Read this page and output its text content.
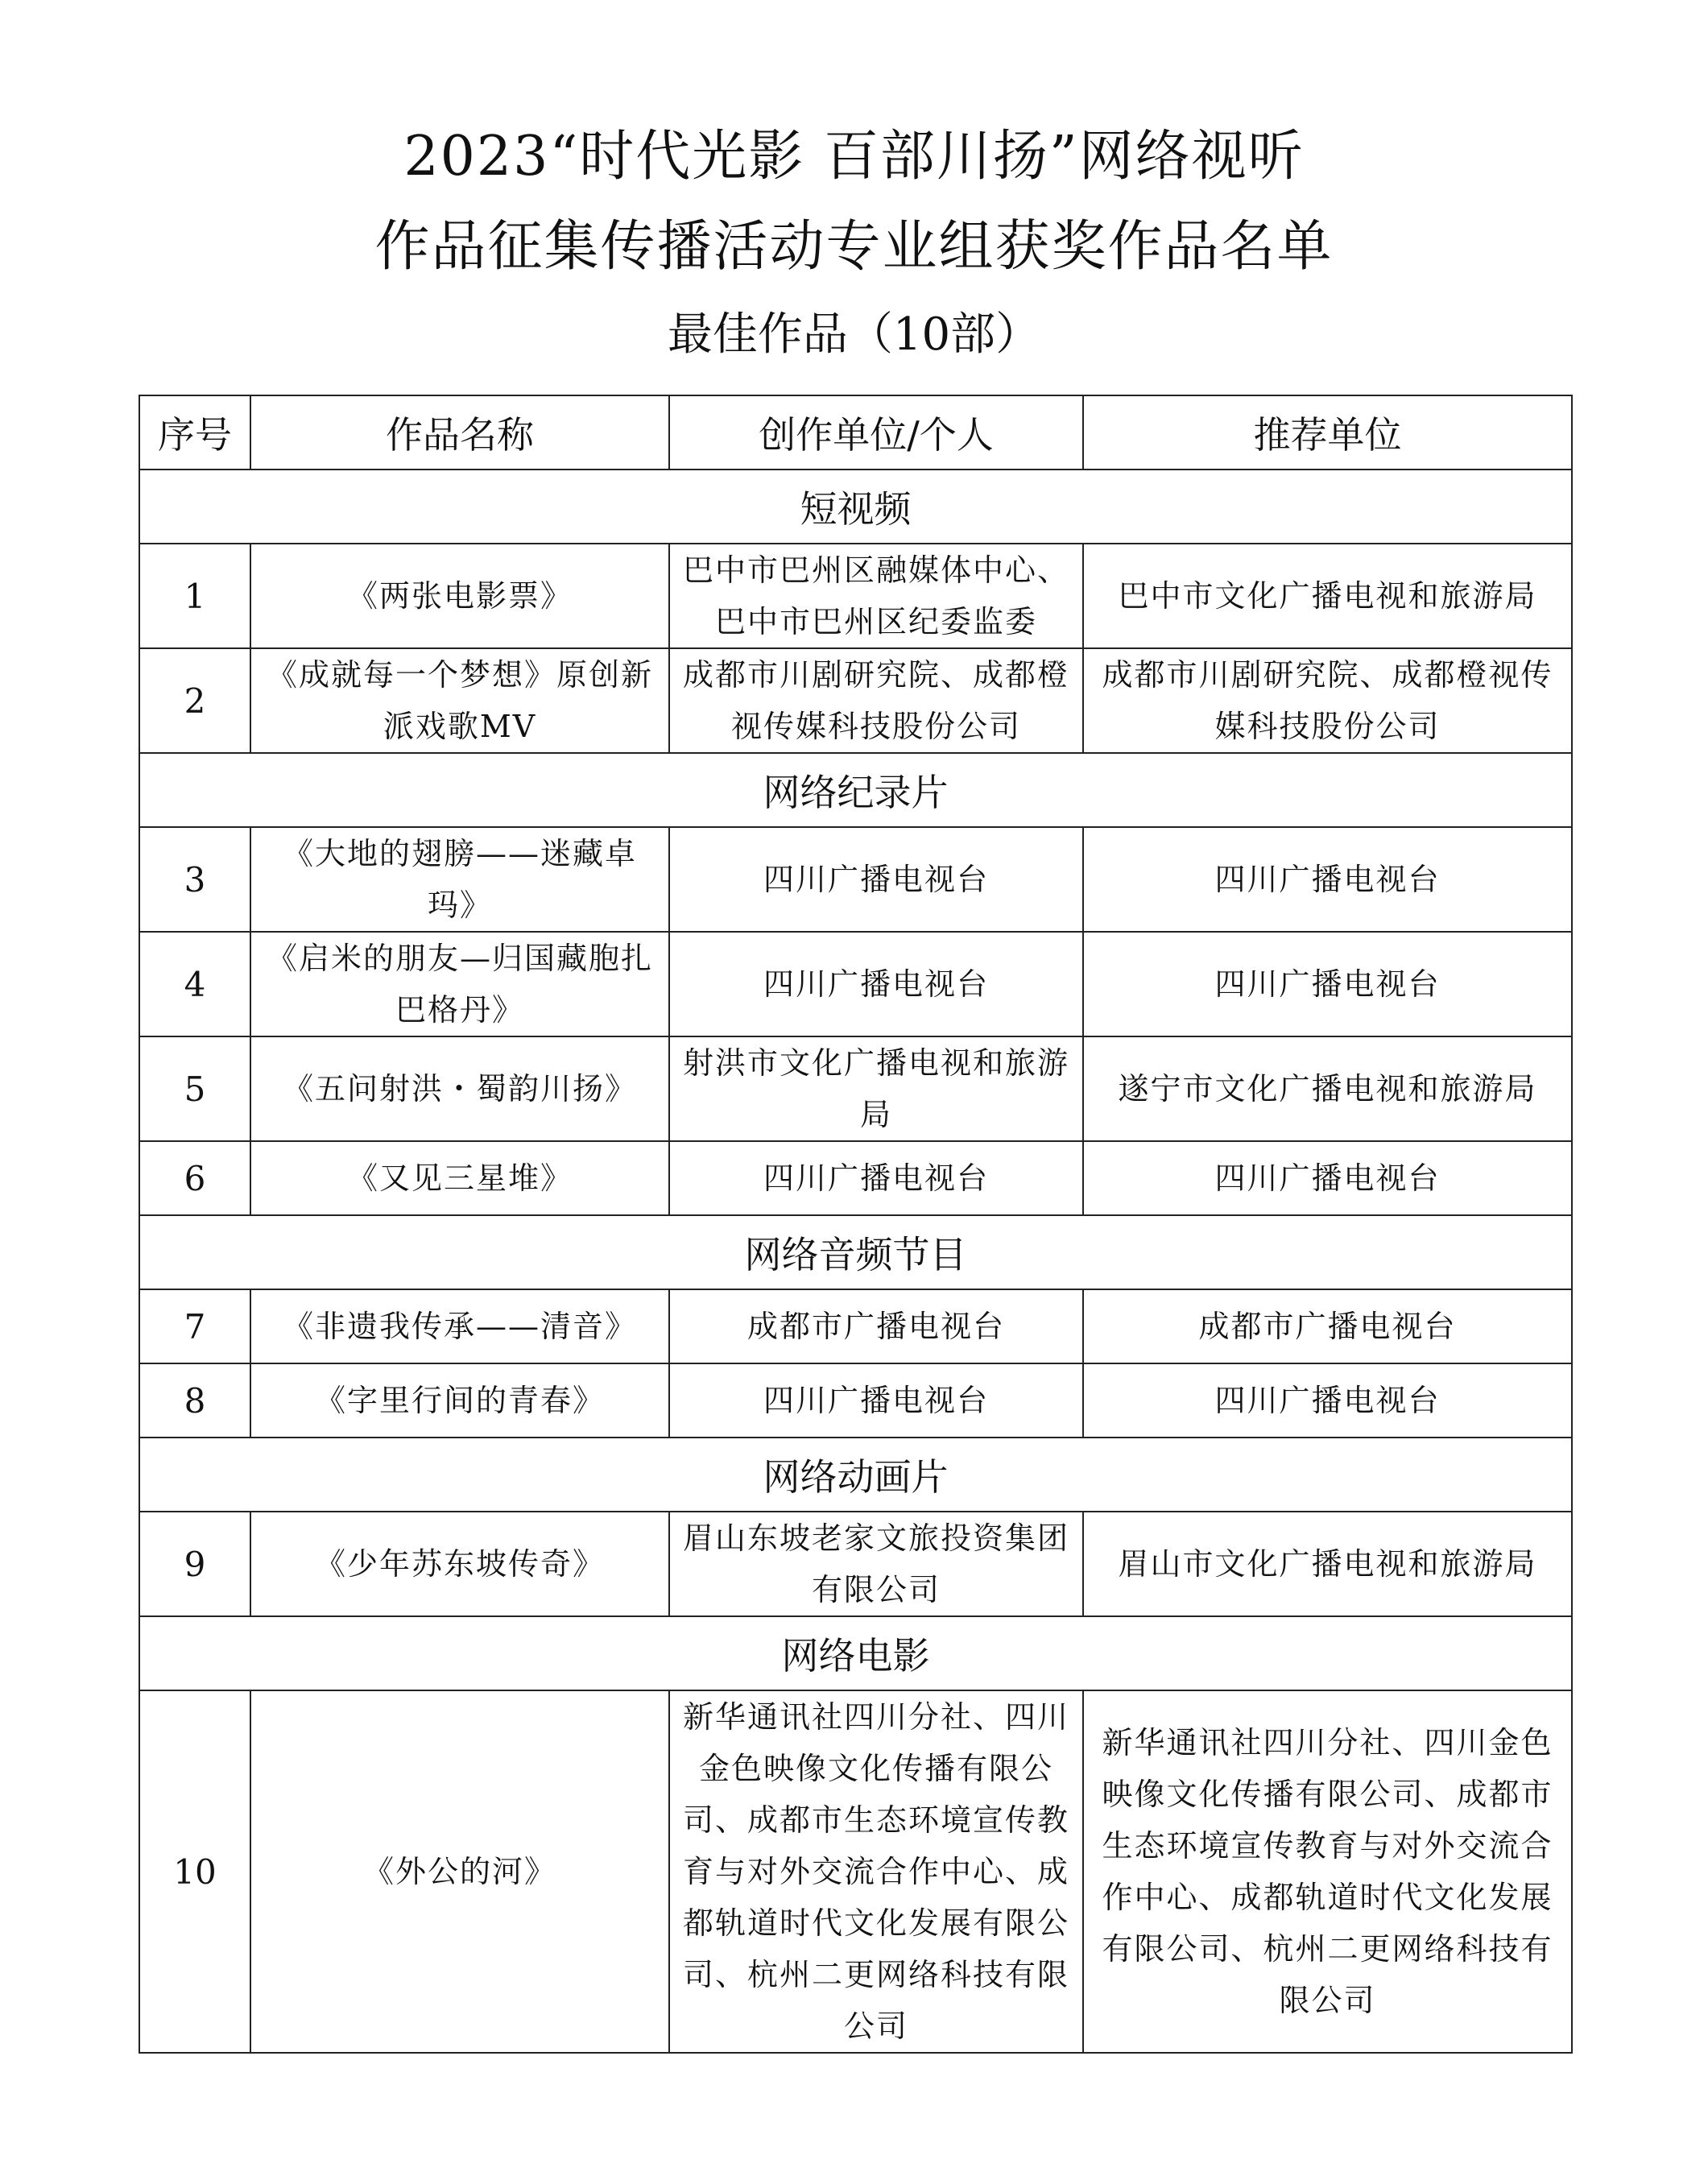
2023“时代光影 百部川扬”网络视听
作品征集传播活动专业组获奖作品名单
最佳作品（10部）
序号	作品名称	创作单位/个人	推荐单位
短视频			
1	《两张电影票》	巴中市巴州区融媒体中心、巴中市巴州区纪委监委	巴中市文化广播电视和旅游局
2	《成就每一个梦想》原创新派戏歌MV	成都市川剧研究院、成都橙视传媒科技股份公司	成都市川剧研究院、成都橙视传媒科技股份公司
网络纪录片			
3	《大地的翅膀——迷藏卓玛》	四川广播电视台	四川广播电视台
4	《启米的朋友—归国藏胞扎巴格丹》	四川广播电视台	四川广播电视台
5	《五问射洪・蜀韵川扬》	射洪市文化广播电视和旅游局	遂宁市文化广播电视和旅游局
6	《又见三星堆》	四川广播电视台	四川广播电视台
网络音频节目			
7	《非遗我传承——清音》	成都市广播电视台	成都市广播电视台
8	《字里行间的青春》	四川广播电视台	四川广播电视台
网络动画片			
9	《少年苏东坡传奇》	眉山东坡老家文旅投资集团有限公司	眉山市文化广播电视和旅游局
网络电影			
10	《外公的河》	新华通讯社四川分社、四川金色映像文化传播有限公司、成都市生态环境宣传教育与对外交流合作中心、成都轨道时代文化发展有限公司、杭州二更网络科技有限公司	新华通讯社四川分社、四川金色映像文化传播有限公司、成都市生态环境宣传教育与对外交流合作中心、成都轨道时代文化发展有限公司、杭州二更网络科技有限公司
